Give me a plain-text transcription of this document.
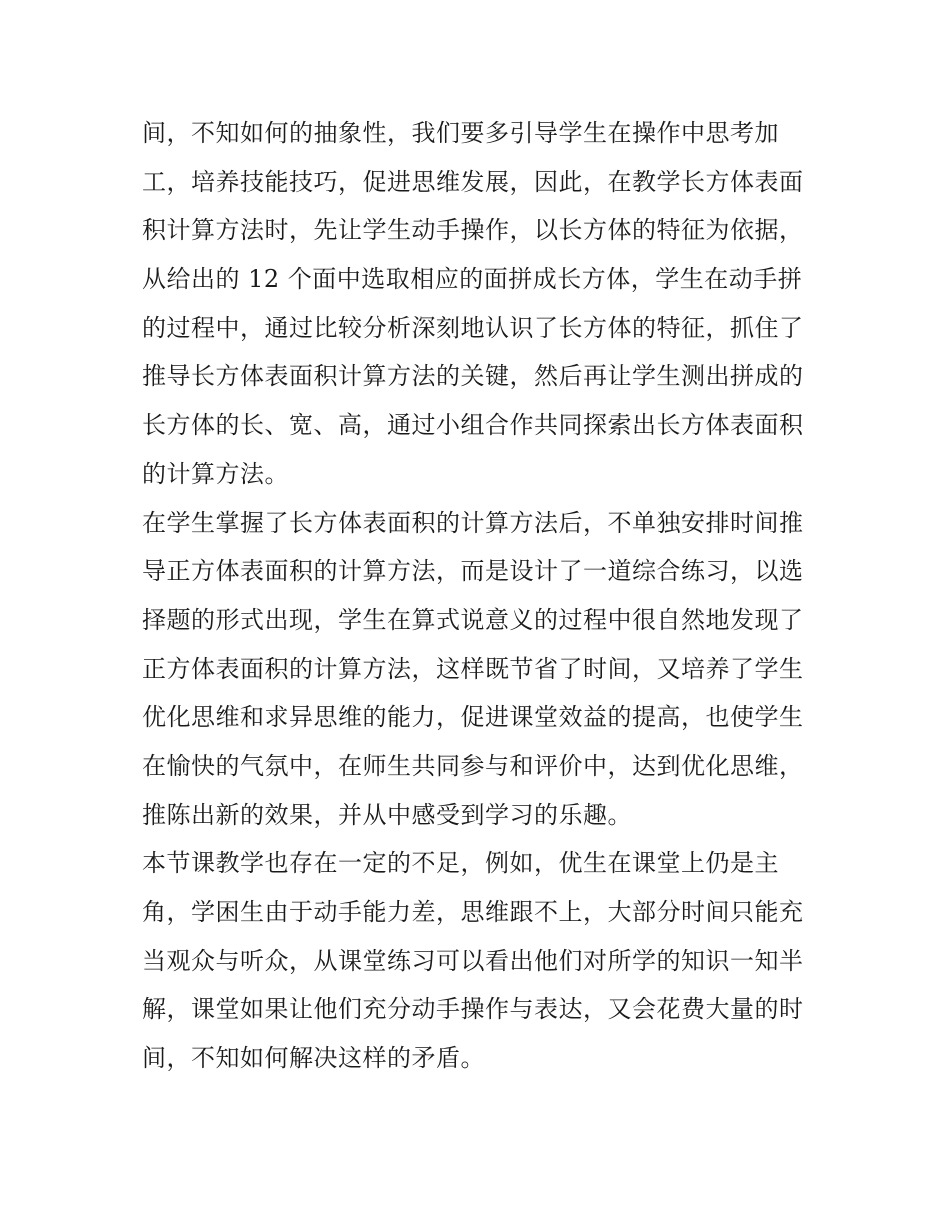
间，不知如何的抽象性，我们要多引导学生在操作中思考加
工，培养技能技巧，促进思维发展，因此，在教学长方体表面
积计算方法时，先让学生动手操作，以长方体的特征为依据，
从给出的 12 个面中选取相应的面拼成长方体，学生在动手拼
的过程中，通过比较分析深刻地认识了长方体的特征，抓住了
推导长方体表面积计算方法的关键，然后再让学生测出拼成的
长方体的长、宽、高，通过小组合作共同探索出长方体表面积
的计算方法。
在学生掌握了长方体表面积的计算方法后，不单独安排时间推
导正方体表面积的计算方法，而是设计了一道综合练习，以选
择题的形式出现，学生在算式说意义的过程中很自然地发现了
正方体表面积的计算方法，这样既节省了时间，又培养了学生
优化思维和求异思维的能力，促进课堂效益的提高，也使学生
在愉快的气氛中，在师生共同参与和评价中，达到优化思维，
推陈出新的效果，并从中感受到学习的乐趣。
本节课教学也存在一定的不足，例如，优生在课堂上仍是主
角，学困生由于动手能力差，思维跟不上，大部分时间只能充
当观众与听众，从课堂练习可以看出他们对所学的知识一知半
解，课堂如果让他们充分动手操作与表达，又会花费大量的时
间，不知如何解决这样的矛盾。
